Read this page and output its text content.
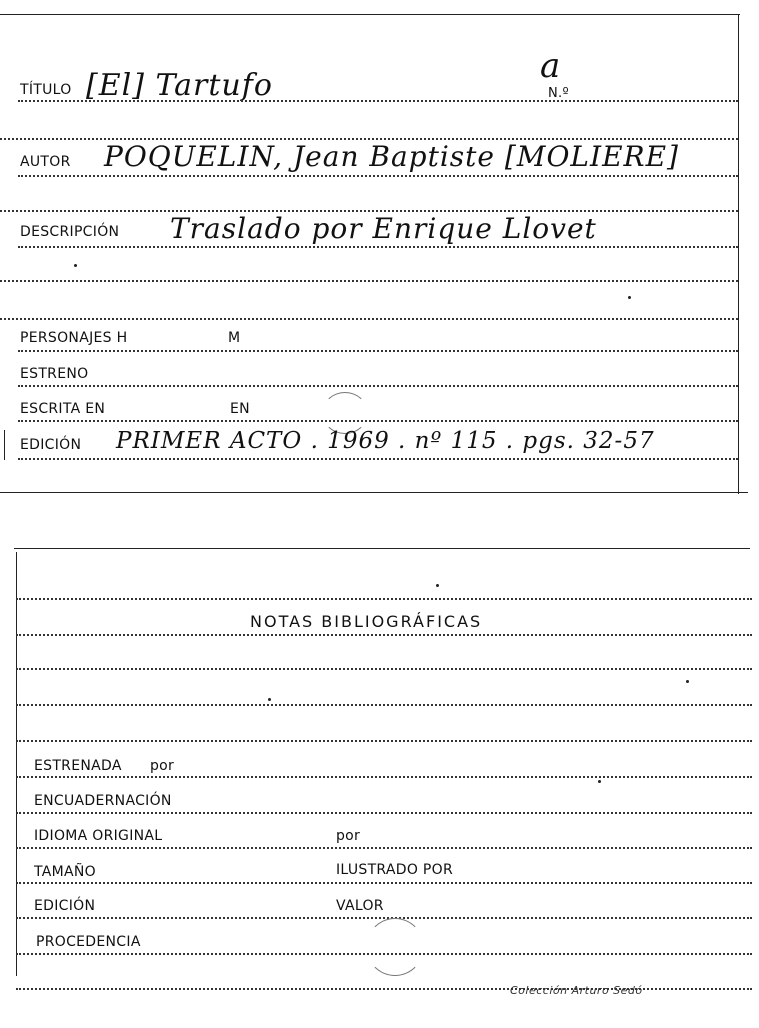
TÍTULO [El] Tartufo	a
N.º
AUTOR POQUELIN, Jean Baptiste [MOLIERE]
DESCRIPCIÓN Traslado por Enrique Llovet
PERSONAJES H	M
ESTRENO
ESCRITA EN	EN
EDICIÓN PRIMER ACTO . 1969 . nº 115 . pgs. 32-57
NOTAS BIBLIOGRÁFICAS
ESTRENADA por
ENCUADERNACIÓN
IDIOMA ORIGINAL	por
TAMAÑO	ILUSTRADO POR
EDICIÓN	VALOR
PROCEDENCIA
Colección Arturo Sedó
